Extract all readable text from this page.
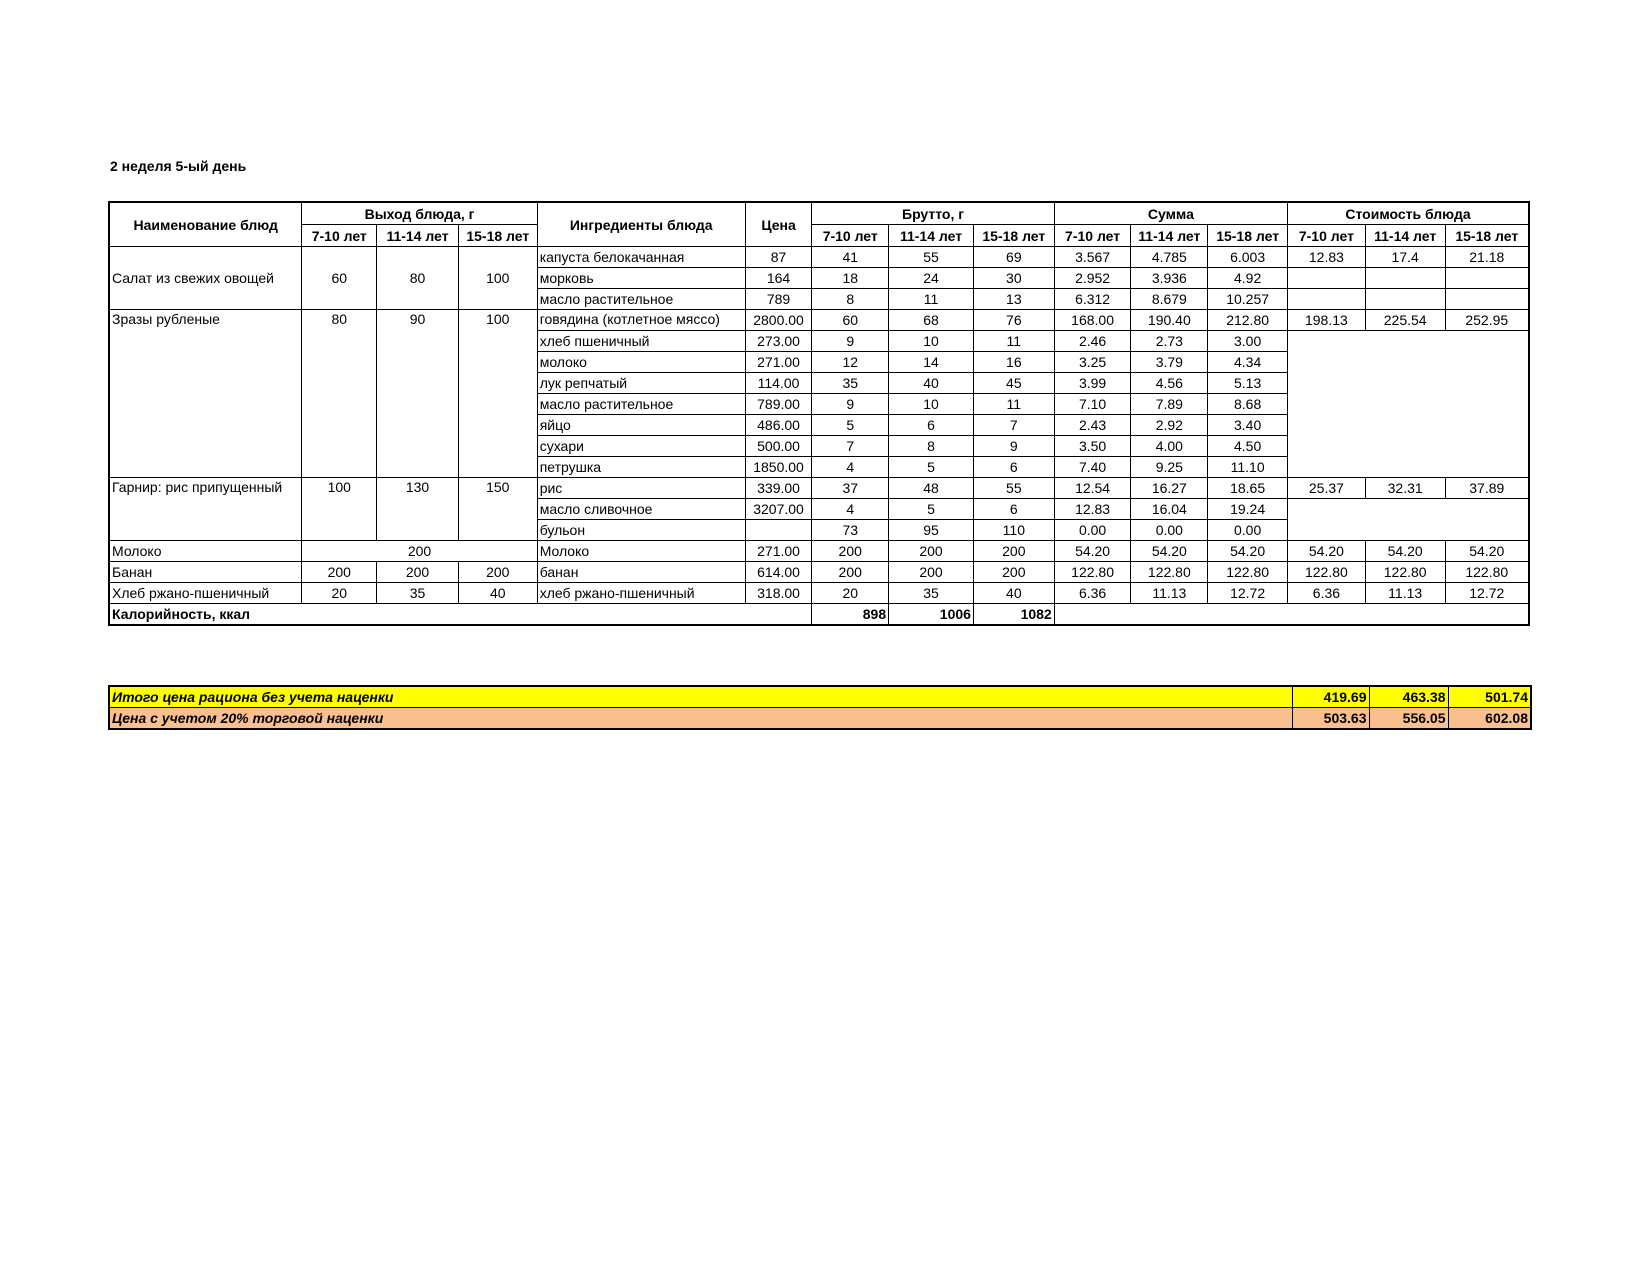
2 неделя 5-ый день
Наименование блюд	Выход блюда, г			Ингредиенты блюда	Цена	Брутто, г			Сумма			Стоимость блюда		
	7-10 лет	11-14 лет	15-18 лет			7-10 лет	11-14 лет	15-18 лет	7-10 лет	11-14 лет	15-18 лет	7-10 лет	11-14 лет	15-18 лет
Салат из свежих овощей	60	80	100	капуста белокачанная	87	41	55	69	3.567	4.785	6.003	12.83	17.4	21.18
				морковь	164	18	24	30	2.952	3.936	4.92			
				масло растительное	789	8	11	13	6.312	8.679	10.257			
Зразы рубленые	80	90	100	говядина (котлетное мяссо)	2800.00	60	68	76	168.00	190.40	212.80	198.13	225.54	252.95
				хлеб пшеничный	273.00	9	10	11	2.46	2.73	3.00			
				молоко	271.00	12	14	16	3.25	3.79	4.34			
				лук репчатый	114.00	35	40	45	3.99	4.56	5.13			
				масло растительное	789.00	9	10	11	7.10	7.89	8.68			
				яйцо	486.00	5	6	7	2.43	2.92	3.40			
				сухари	500.00	7	8	9	3.50	4.00	4.50			
				петрушка	1850.00	4	5	6	7.40	9.25	11.10			
Гарнир: рис припущенный	100	130	150	рис	339.00	37	48	55	12.54	16.27	18.65	25.37	32.31	37.89
				масло сливочное	3207.00	4	5	6	12.83	16.04	19.24			
				бульон		73	95	110	0.00	0.00	0.00			
Молоко	200			Молоко	271.00	200	200	200	54.20	54.20	54.20	54.20	54.20	54.20
Банан	200	200	200	банан	614.00	200	200	200	122.80	122.80	122.80	122.80	122.80	122.80
Хлеб ржано-пшеничный	20	35	40	хлеб ржано-пшеничный	318.00	20	35	40	6.36	11.13	12.72	6.36	11.13	12.72
Калорийность, ккал						898	1006	1082						
Итого цена рациона без учета наценки	419.69	463.38	501.74
Цена с учетом 20% торговой наценки	503.63	556.05	602.08
